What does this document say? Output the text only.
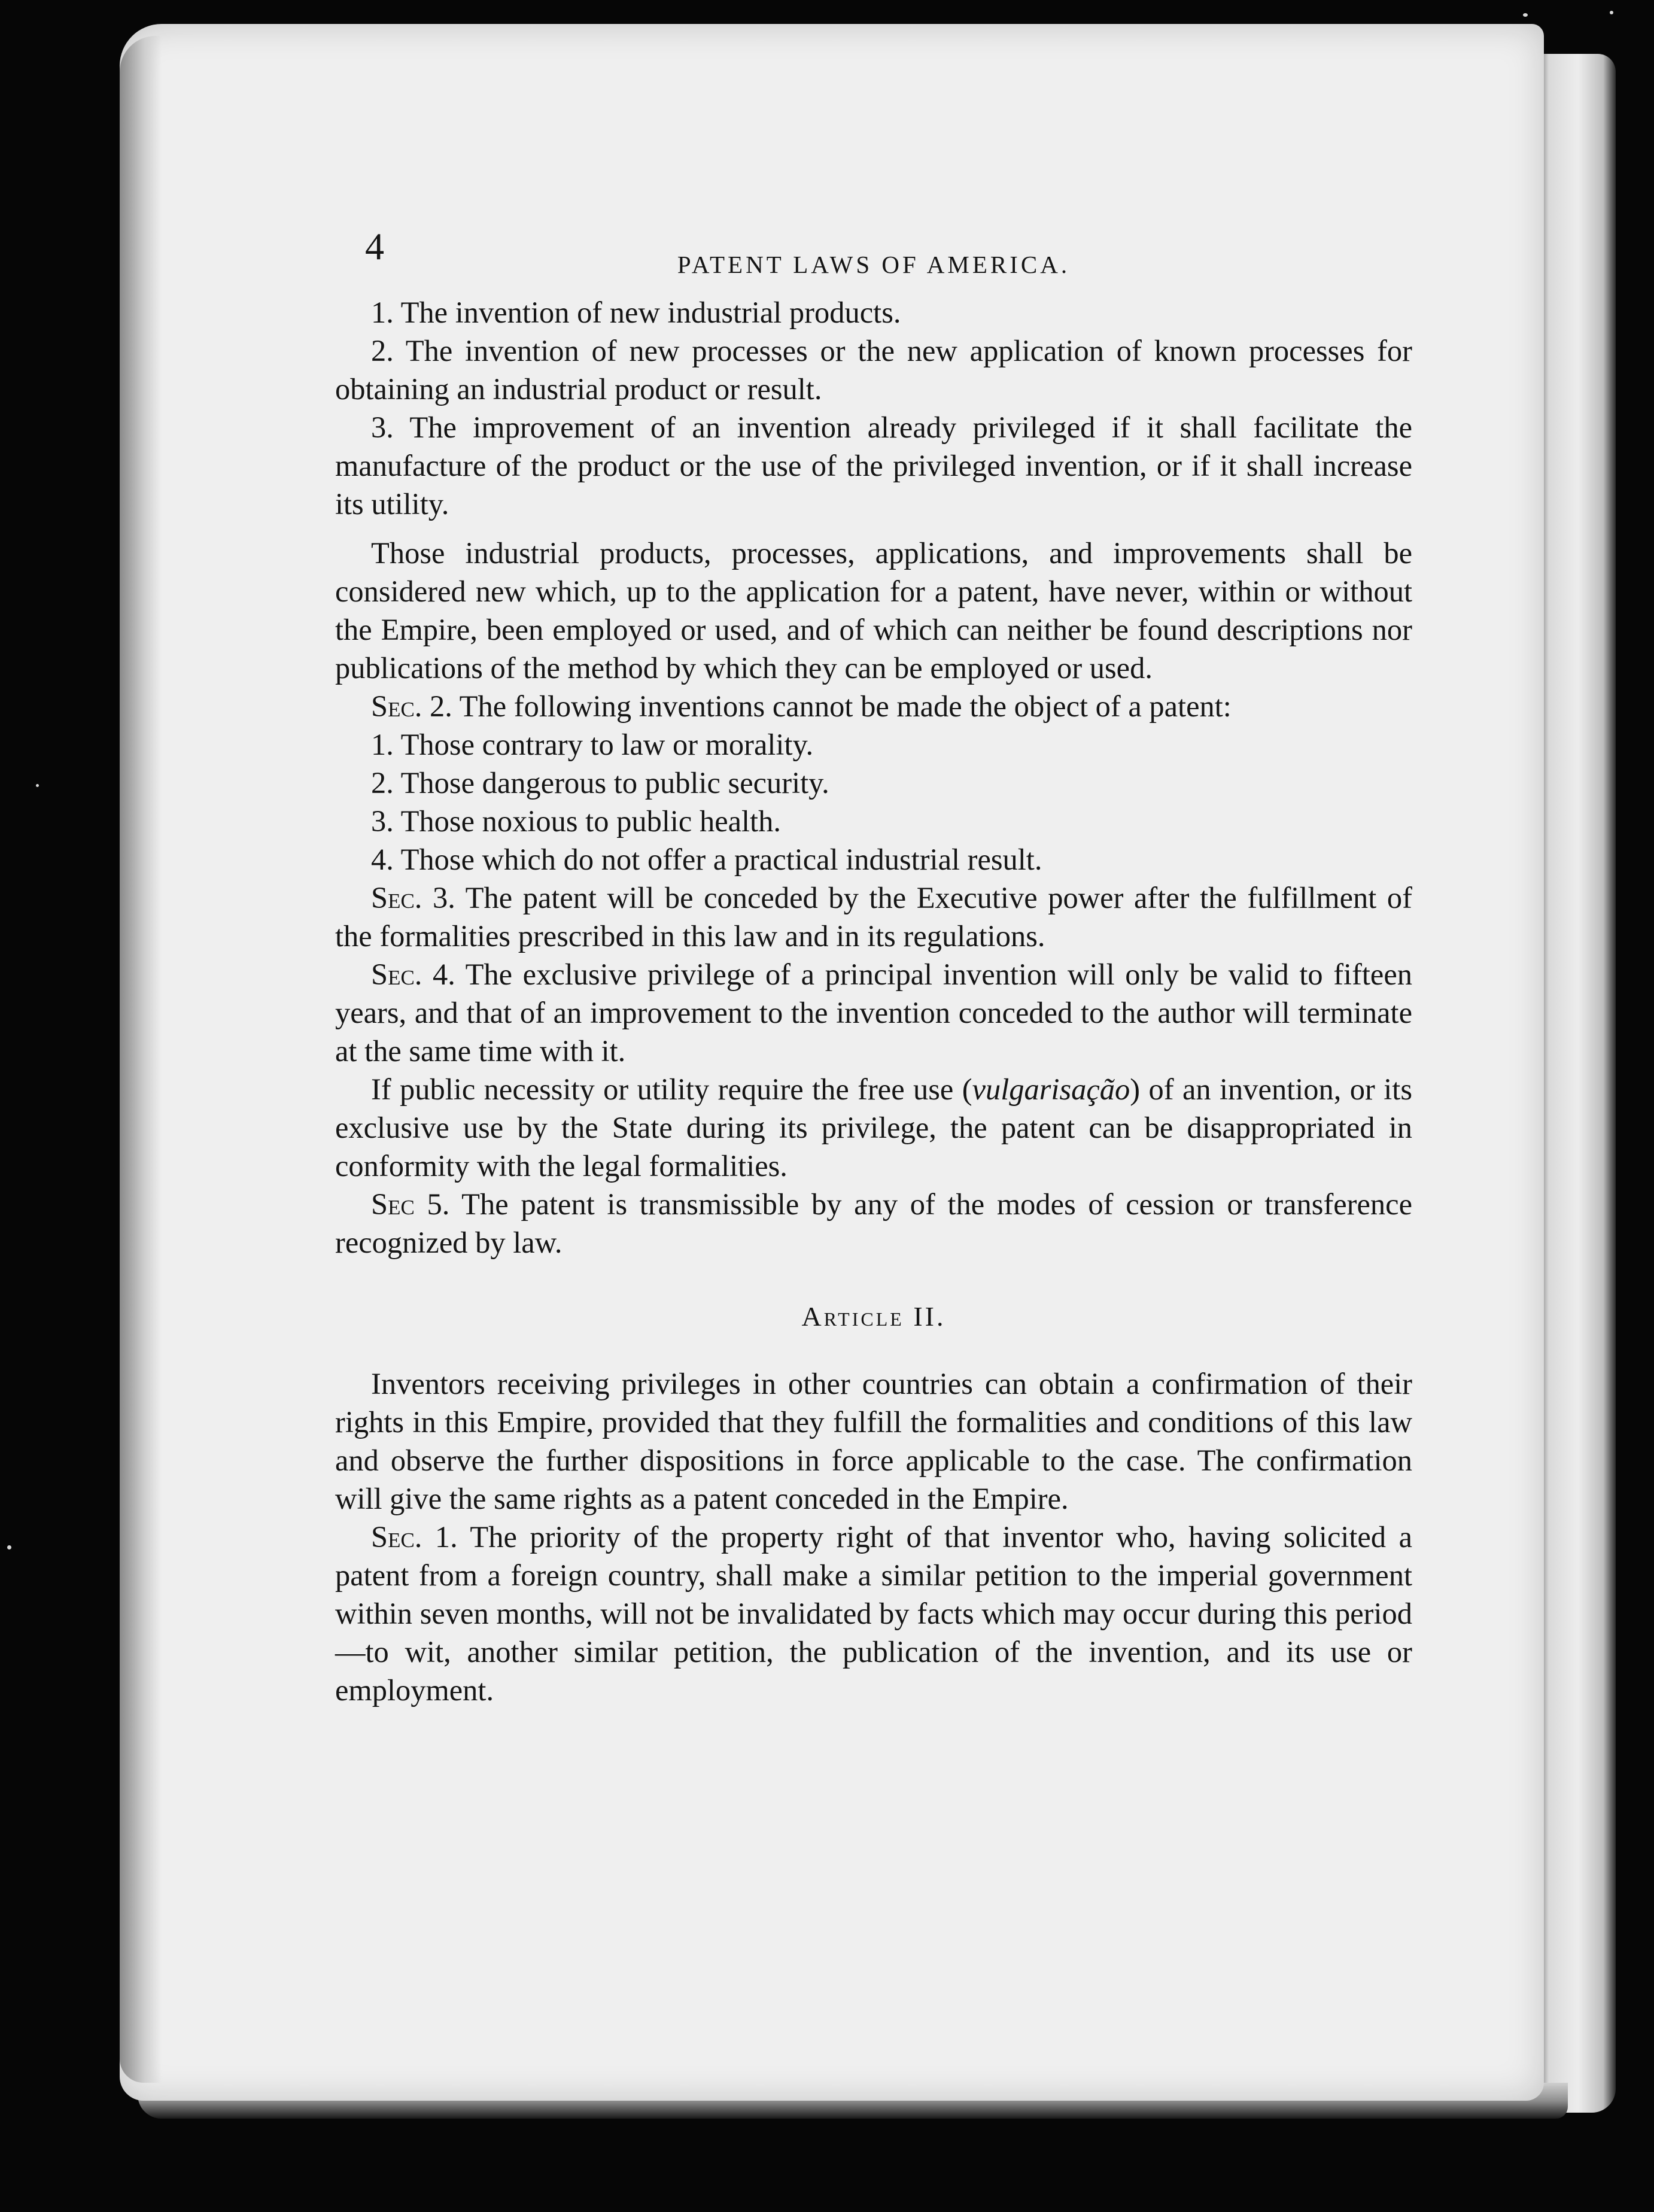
4	PATENT LAWS OF AMERICA.

1. The invention of new industrial products.

2. The invention of new processes or the new application of known processes for obtaining an industrial product or result.

3. The improvement of an invention already privileged if it shall facilitate the manufacture of the product or the use of the privileged invention, or if it shall increase its utility.

Those industrial products, processes, applications, and improvements shall be considered new which, up to the application for a patent, have never, within or without the Empire, been employed or used, and of which can neither be found descriptions nor publications of the method by which they can be employed or used.

Sec. 2. The following inventions cannot be made the object of a patent:

1. Those contrary to law or morality.

2. Those dangerous to public security.

3. Those noxious to public health.

4. Those which do not offer a practical industrial result.

Sec. 3. The patent will be conceded by the Executive power after the fulfillment of the formalities prescribed in this law and in its regulations.

Sec. 4. The exclusive privilege of a principal invention will only be valid to fifteen years, and that of an improvement to the invention conceded to the author will terminate at the same time with it.

If public necessity or utility require the free use (vulgarisação) of an invention, or its exclusive use by the State during its privilege, the patent can be disappropriated in conformity with the legal formalities.

Sec 5. The patent is transmissible by any of the modes of cession or transference recognized by law.

Article II.

Inventors receiving privileges in other countries can obtain a confirmation of their rights in this Empire, provided that they fulfill the formalities and conditions of this law and observe the further dispositions in force applicable to the case. The confirmation will give the same rights as a patent conceded in the Empire.

Sec. 1. The priority of the property right of that inventor who, having solicited a patent from a foreign country, shall make a similar petition to the imperial government within seven months, will not be invalidated by facts which may occur during this period—to wit, another similar petition, the publication of the invention, and its use or employment.
